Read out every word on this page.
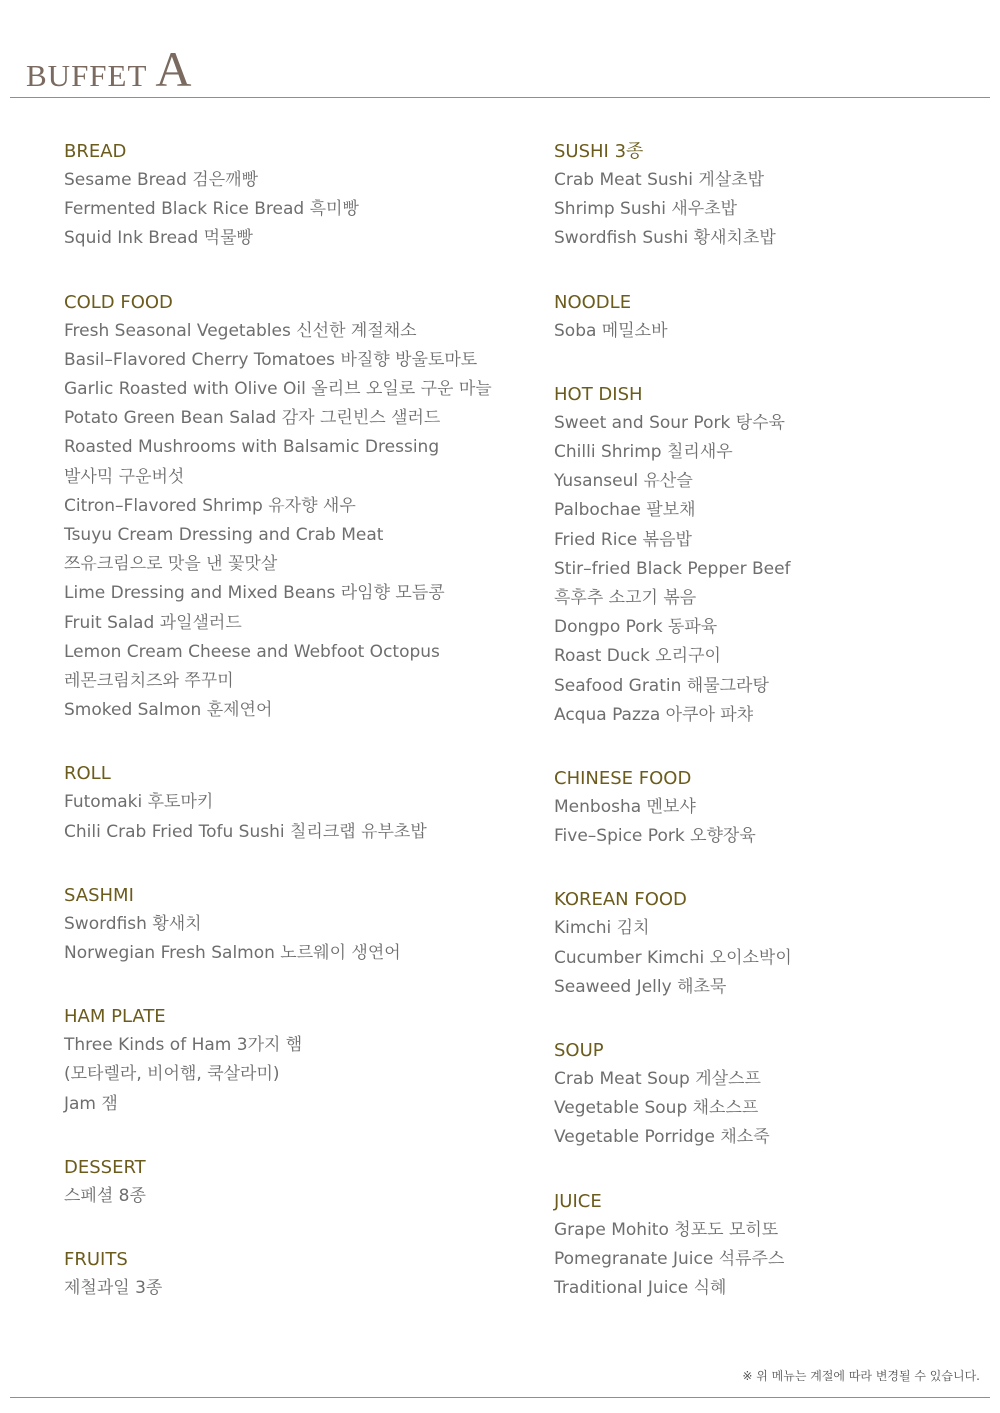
BUFFET A
BREAD
Sesame Bread 검은깨빵
Fermented Black Rice Bread 흑미빵
Squid Ink Bread 먹물빵
COLD FOOD
Fresh Seasonal Vegetables 신선한 계절채소
Basil–Flavored Cherry Tomatoes 바질향 방울토마토
Garlic Roasted with Olive Oil 올리브 오일로 구운 마늘
Potato Green Bean Salad 감자 그린빈스 샐러드
Roasted Mushrooms with Balsamic Dressing
발사믹 구운버섯
Citron–Flavored Shrimp 유자향 새우
Tsuyu Cream Dressing and Crab Meat
쯔유크림으로 맛을 낸 꽃맛살
Lime Dressing and Mixed Beans 라임향 모듬콩
Fruit Salad 과일샐러드
Lemon Cream Cheese and Webfoot Octopus
레몬크림치즈와 쭈꾸미
Smoked Salmon 훈제연어
ROLL
Futomaki 후토마키
Chili Crab Fried Tofu Sushi 칠리크랩 유부초밥
SASHMI
Swordfish 황새치
Norwegian Fresh Salmon 노르웨이 생연어
HAM PLATE
Three Kinds of Ham 3가지 햄
(모타렐라, 비어햄, 쿡살라미)
Jam 잼
DESSERT
스페셜 8종
FRUITS
제철과일 3종
SUSHI 3종
Crab Meat Sushi 게살초밥
Shrimp Sushi 새우초밥
Swordfish Sushi 황새치초밥
NOODLE
Soba 메밀소바
HOT DISH
Sweet and Sour Pork 탕수육
Chilli Shrimp 칠리새우
Yusanseul 유산슬
Palbochae 팔보채
Fried Rice 볶음밥
Stir–fried Black Pepper Beef
흑후추 소고기 볶음
Dongpo Pork 동파육
Roast Duck 오리구이
Seafood Gratin 해물그라탕
Acqua Pazza 아쿠아 파챠
CHINESE FOOD
Menbosha 멘보샤
Five–Spice Pork 오향장육
KOREAN FOOD
Kimchi 김치
Cucumber Kimchi 오이소박이
Seaweed Jelly 해초묵
SOUP
Crab Meat Soup 게살스프
Vegetable Soup 채소스프
Vegetable Porridge 채소죽
JUICE
Grape Mohito 청포도 모히또
Pomegranate Juice 석류주스
Traditional Juice 식혜
※ 위 메뉴는 계절에 따라 변경될 수 있습니다.
